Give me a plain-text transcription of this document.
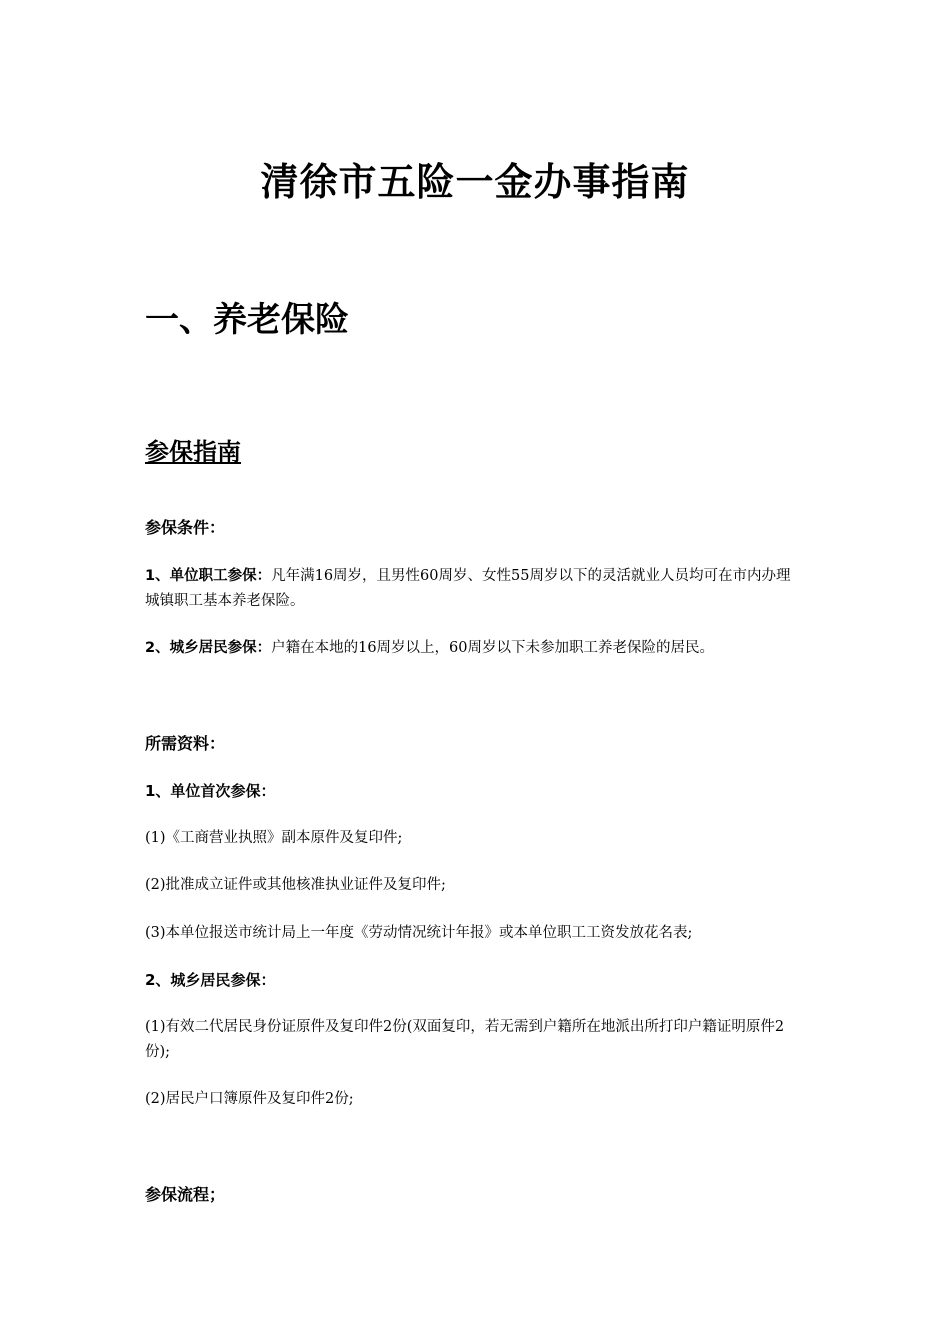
清徐市五险一金办事指南
一、养老保险
参保指南
参保条件：

1、单位职工参保：凡年满16周岁，且男性60周岁、女性55周岁以下的灵活就业人员均可在市内办理城镇职工基本养老保险。

2、城乡居民参保：户籍在本地的16周岁以上，60周岁以下未参加职工养老保险的居民。

所需资料：
1、单位首次参保：

(1)《工商营业执照》副本原件及复印件;

(2)批准成立证件或其他核准执业证件及复印件;

(3)本单位报送市统计局上一年度《劳动情况统计年报》或本单位职工工资发放花名表;

2、城乡居民参保：

(1)有效二代居民身份证原件及复印件2份(双面复印，若无需到户籍所在地派出所打印户籍证明原件2份);

(2)居民户口簿原件及复印件2份;

参保流程；
